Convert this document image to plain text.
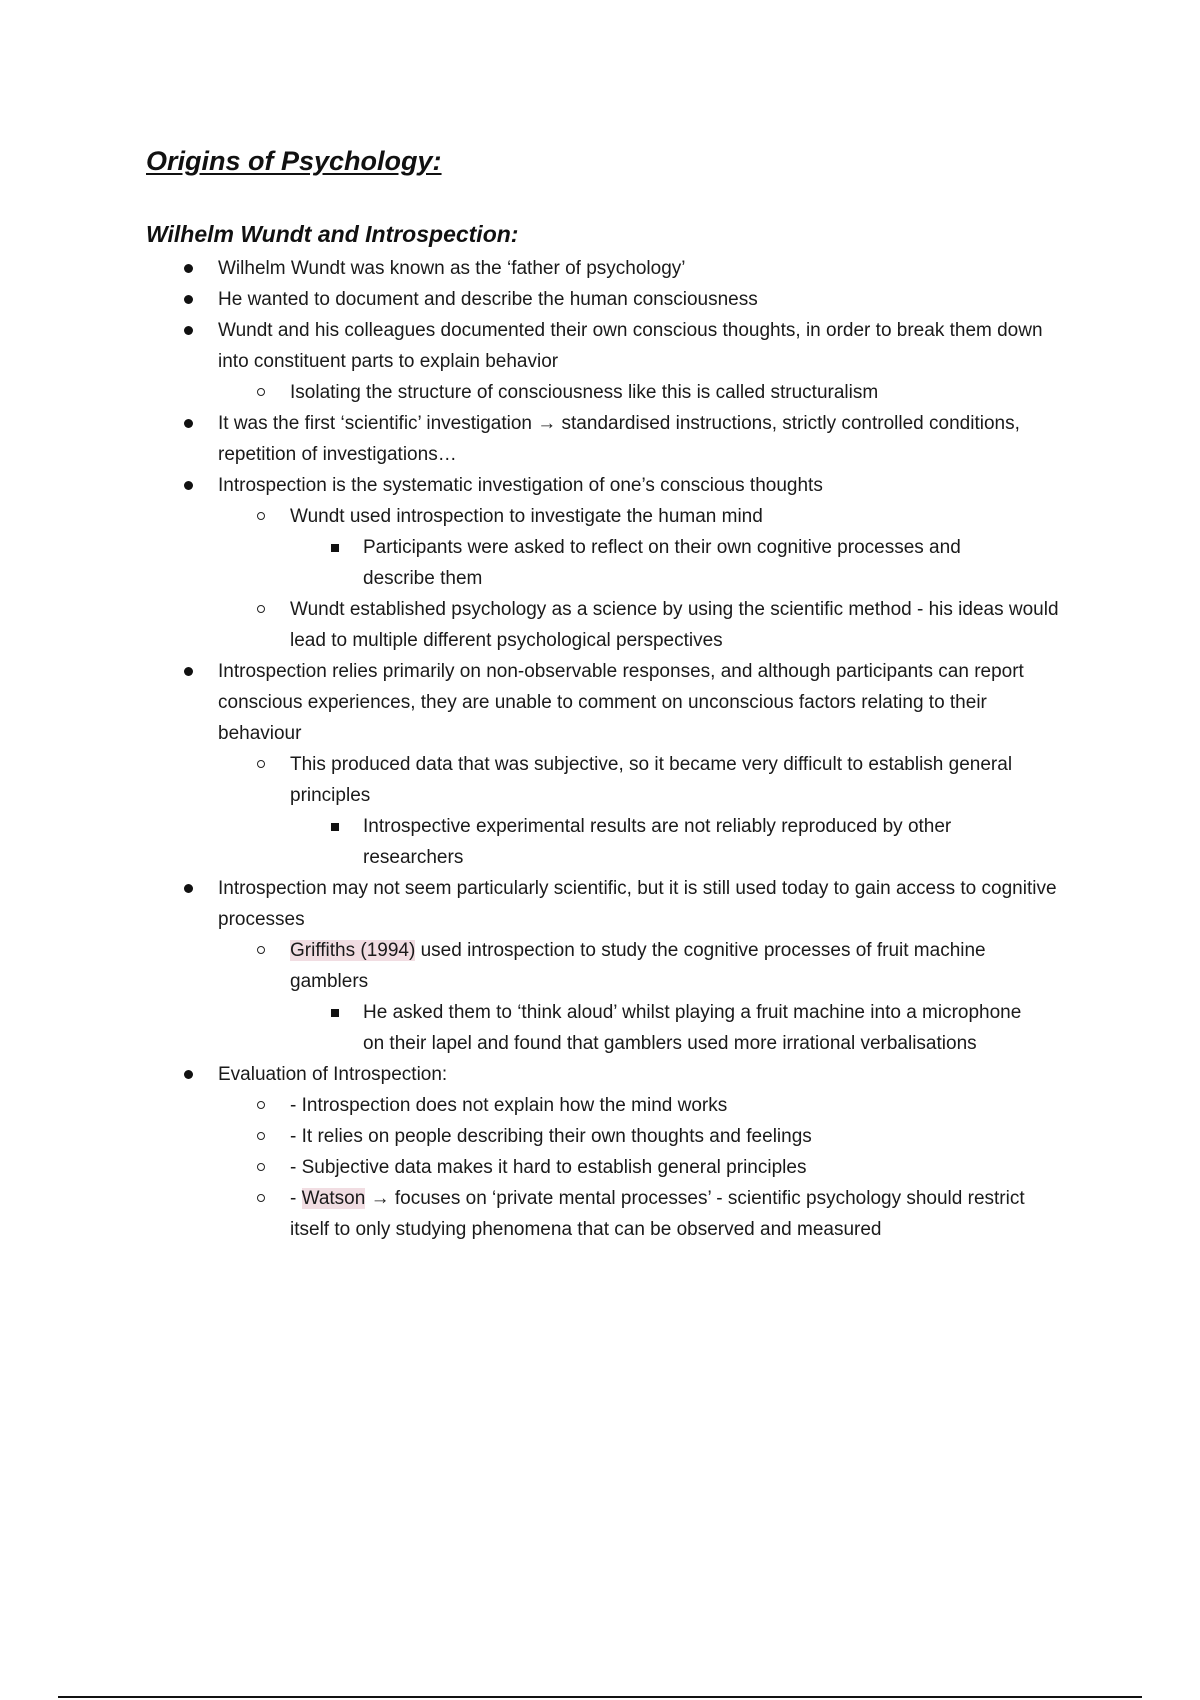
Origins of Psychology:
Wilhelm Wundt and Introspection:
Wilhelm Wundt was known as the ‘father of psychology’
He wanted to document and describe the human consciousness
Wundt and his colleagues documented their own conscious thoughts, in order to break them down into constituent parts to explain behavior
Isolating the structure of consciousness like this is called structuralism
It was the first ‘scientific’ investigation → standardised instructions, strictly controlled conditions, repetition of investigations…
Introspection is the systematic investigation of one’s conscious thoughts
Wundt used introspection to investigate the human mind
Participants were asked to reflect on their own cognitive processes and describe them
Wundt established psychology as a science by using the scientific method - his ideas would lead to multiple different psychological perspectives
Introspection relies primarily on non-observable responses, and although participants can report conscious experiences, they are unable to comment on unconscious factors relating to their behaviour
This produced data that was subjective, so it became very difficult to establish general principles
Introspective experimental results are not reliably reproduced by other researchers
Introspection may not seem particularly scientific, but it is still used today to gain access to cognitive processes
Griffiths (1994) used introspection to study the cognitive processes of fruit machine gamblers
He asked them to ‘think aloud’ whilst playing a fruit machine into a microphone on their lapel and found that gamblers used more irrational verbalisations
Evaluation of Introspection:
- Introspection does not explain how the mind works
- It relies on people describing their own thoughts and feelings
- Subjective data makes it hard to establish general principles
- Watson → focuses on ‘private mental processes’ - scientific psychology should restrict itself to only studying phenomena that can be observed and measured
